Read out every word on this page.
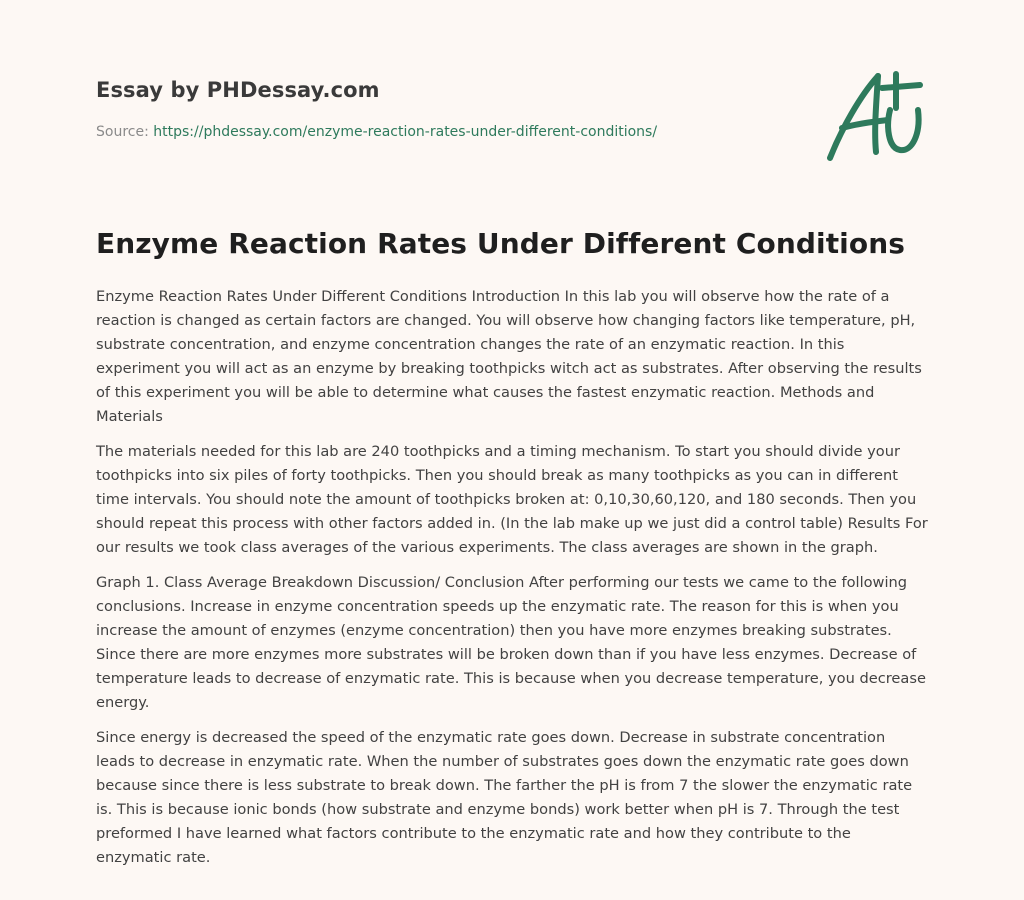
Essay by PHDessay.com

Source: https://phdessay.com/enzyme-reaction-rates-under-different-conditions/

Enzyme Reaction Rates Under Different Conditions

Enzyme Reaction Rates Under Different Conditions Introduction In this lab you will observe how the rate of a reaction is changed as certain factors are changed. You will observe how changing factors like temperature, pH, substrate concentration, and enzyme concentration changes the rate of an enzymatic reaction. In this experiment you will act as an enzyme by breaking toothpicks witch act as substrates. After observing the results of this experiment you will be able to determine what causes the fastest enzymatic reaction. Methods and Materials

The materials needed for this lab are 240 toothpicks and a timing mechanism. To start you should divide your toothpicks into six piles of forty toothpicks. Then you should break as many toothpicks as you can in different time intervals. You should note the amount of toothpicks broken at: 0,10,30,60,120, and 180 seconds. Then you should repeat this process with other factors added in. (In the lab make up we just did a control table) Results For our results we took class averages of the various experiments. The class averages are shown in the graph.

Graph 1. Class Average Breakdown Discussion/ Conclusion After performing our tests we came to the following conclusions. Increase in enzyme concentration speeds up the enzymatic rate. The reason for this is when you increase the amount of enzymes (enzyme concentration) then you have more enzymes breaking substrates. Since there are more enzymes more substrates will be broken down than if you have less enzymes. Decrease of temperature leads to decrease of enzymatic rate. This is because when you decrease temperature, you decrease energy.

Since energy is decreased the speed of the enzymatic rate goes down. Decrease in substrate concentration leads to decrease in enzymatic rate. When the number of substrates goes down the enzymatic rate goes down because since there is less substrate to break down. The farther the pH is from 7 the slower the enzymatic rate is. This is because ionic bonds (how substrate and enzyme bonds) work better when pH is 7. Through the test preformed I have learned what factors contribute to the enzymatic rate and how they contribute to the enzymatic rate.
